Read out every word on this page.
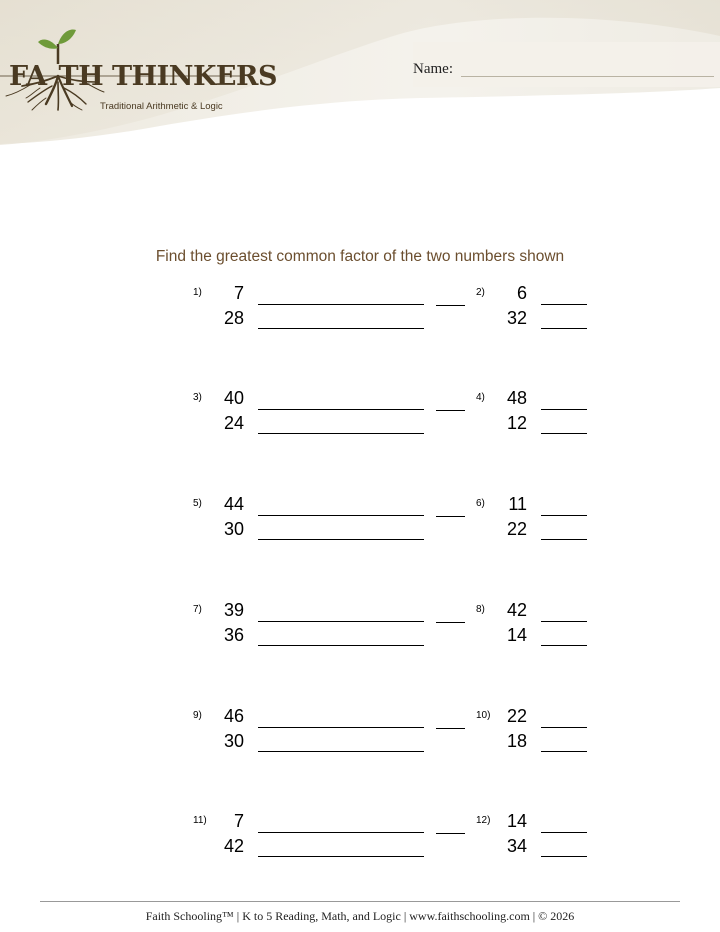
FA TH THINKERS
Traditional Arithmetic & Logic
Name:
Find the greatest common factor of the two numbers shown
1)	7
28
2)	6
32
3)	40
24
4)	48
12
5)	44
30
6)	11
22
7)	39
36
8)	42
14
9)	46
30
10) 22
18
11)	7
42
12) 14
34
Faith Schooling™ | K to 5 Reading, Math, and Logic | www.faithschooling.com | © 2026
